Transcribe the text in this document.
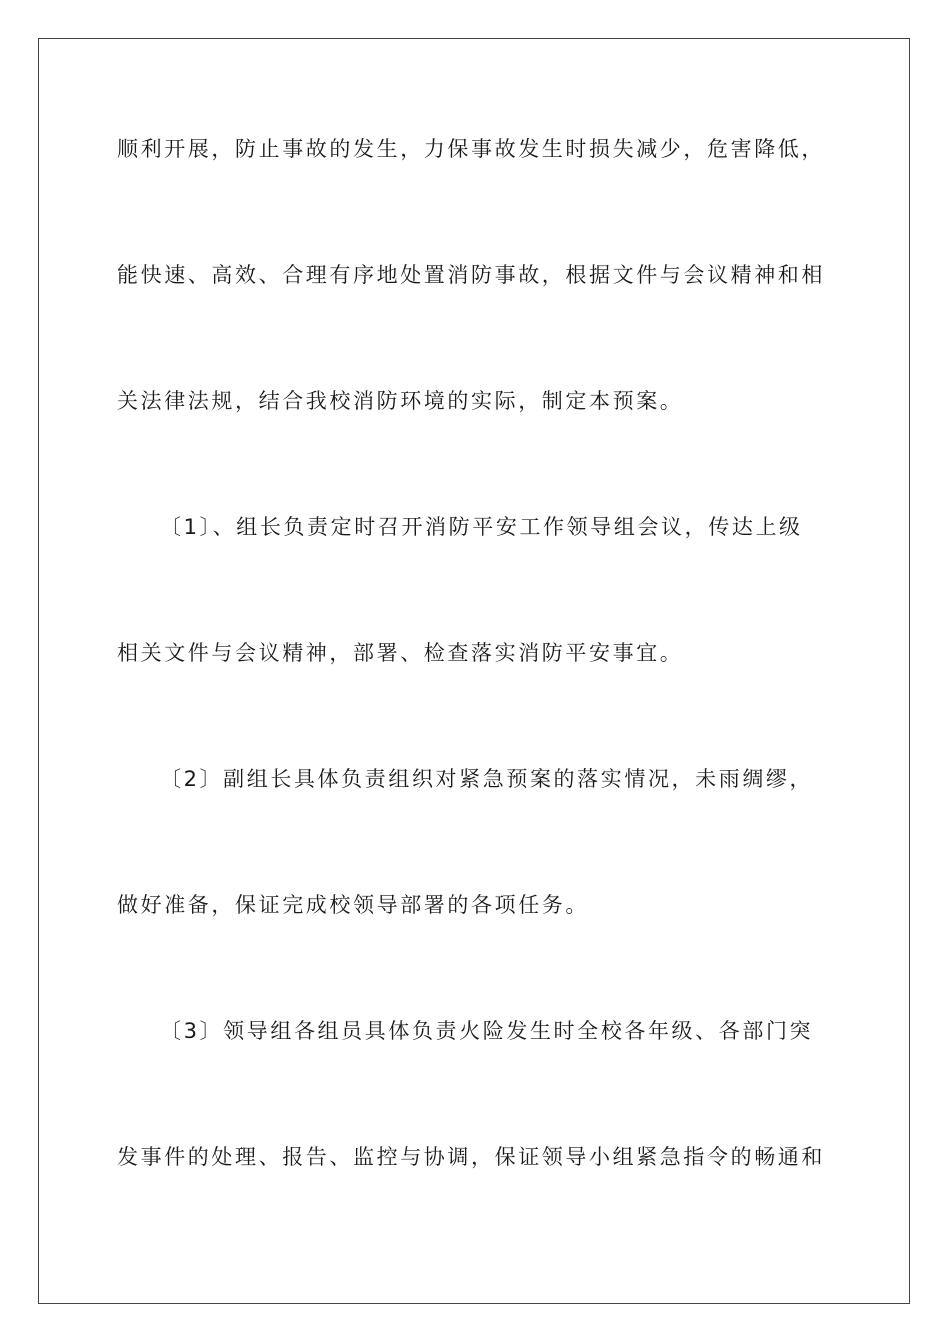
顺利开展，防止事故的发生，力保事故发生时损失减少，危害降低，
能快速、高效、合理有序地处置消防事故，根据文件与会议精神和相
关法律法规，结合我校消防环境的实际，制定本预案。
〔1〕、组长负责定时召开消防平安工作领导组会议，传达上级
相关文件与会议精神，部署、检查落实消防平安事宜。
〔2〕副组长具体负责组织对紧急预案的落实情况，未雨绸缪，
做好准备，保证完成校领导部署的各项任务。
〔3〕领导组各组员具体负责火险发生时全校各年级、各部门突
发事件的处理、报告、监控与协调，保证领导小组紧急指令的畅通和
